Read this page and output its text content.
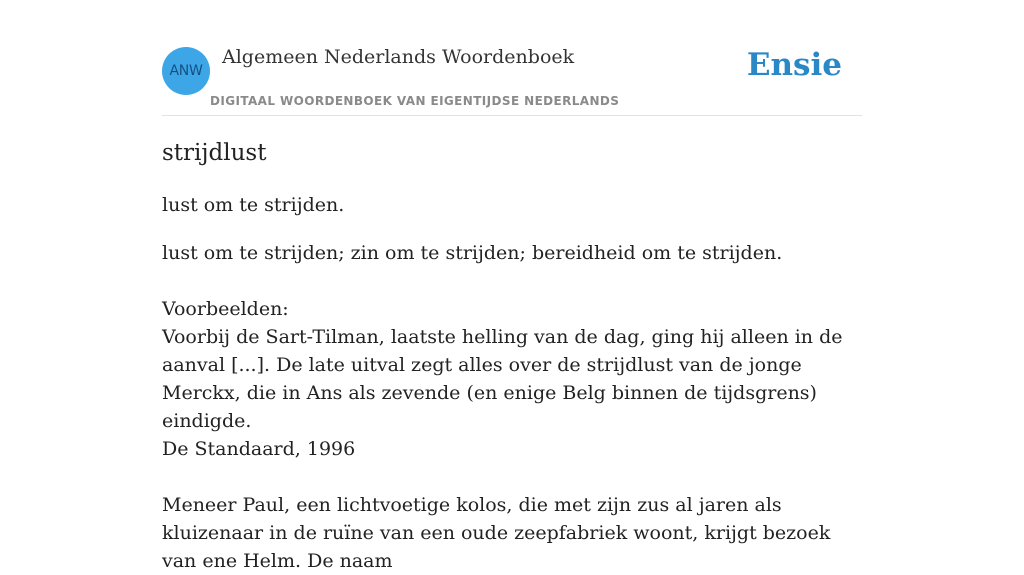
ANW
Algemeen Nederlands Woordenboek
DIGITAAL WOORDENBOEK VAN EIGENTIJDSE NEDERLANDS
Ensie
strijdlust
lust om te strijden.

lust om te strijden; zin om te strijden; bereidheid om te strijden.

Voorbeelden:

Voorbij de Sart-Tilman, laatste helling van de dag, ging hij alleen in de aanval [...]. De late uitval zegt alles over de strijdlust van de jonge Merckx, die in Ans als zevende (en enige Belg binnen de tijdsgrens) eindigde.

De Standaard, 1996

Meneer Paul, een lichtvoetige kolos, die met zijn zus al jaren als kluizenaar in de ruïne van een oude zeepfabriek woont, krijgt bezoek van ene Helm. De naam
